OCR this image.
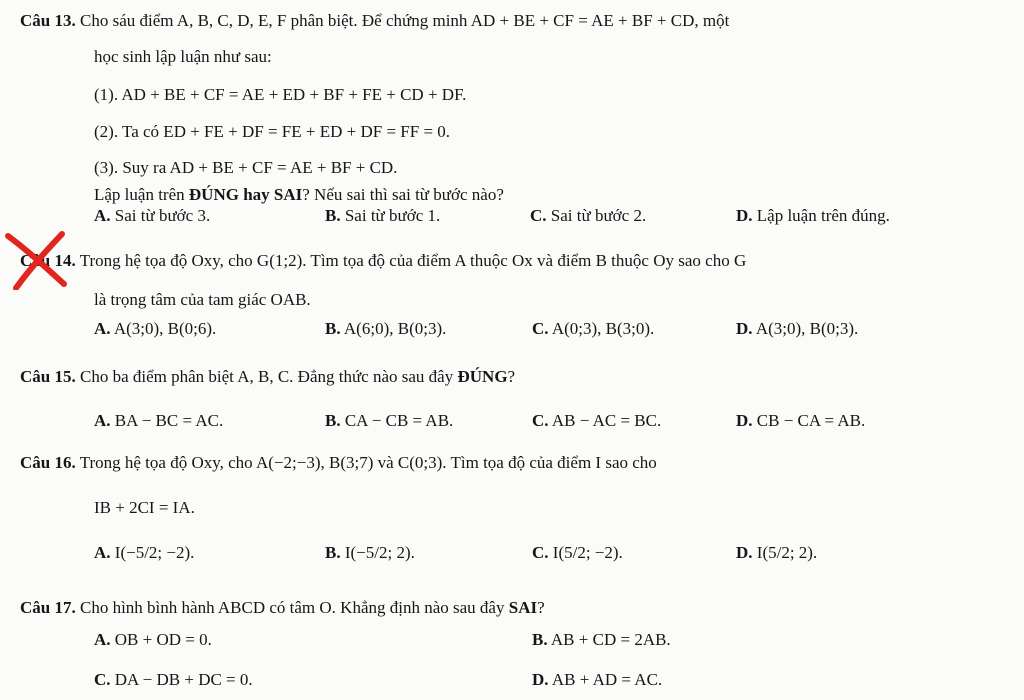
Câu 13. Cho sáu điểm A, B, C, D, E, F phân biệt. Để chứng minh AD + BE + CF = AE + BF + CD, một
học sinh lập luận như sau:
(1). AD + BE + CF = AE + ED + BF + FE + CD + DF.
(2). Ta có ED + FE + DF = FE + ED + DF = FF = 0.
(3). Suy ra AD + BE + CF = AE + BF + CD.
Lập luận trên ĐÚNG hay SAI? Nếu sai thì sai từ bước nào?
A. Sai từ bước 3.	B. Sai từ bước 1.	C. Sai từ bước 2.	D. Lập luận trên đúng.
Câu 14. Trong hệ tọa độ Oxy, cho G(1;2). Tìm tọa độ của điểm A thuộc Ox và điểm B thuộc Oy sao cho G
là trọng tâm của tam giác OAB.
A. A(3;0), B(0;6).	B. A(6;0), B(0;3).	C. A(0;3), B(3;0).	D. A(3;0), B(0;3).
Câu 15. Cho ba điểm phân biệt A, B, C. Đẳng thức nào sau đây ĐÚNG?
A. BA − BC = AC.	B. CA − CB = AB.	C. AB − AC = BC.	D. CB − CA = AB.
Câu 16. Trong hệ tọa độ Oxy, cho A(−2;−3), B(3;7) và C(0;3). Tìm tọa độ của điểm I sao cho
IB + 2CI = IA.
A. I(−5/2; −2).	B. I(−5/2; 2).	C. I(5/2; −2).	D. I(5/2; 2).
Câu 17. Cho hình bình hành ABCD có tâm O. Khẳng định nào sau đây SAI?
A. OB + OD = 0.	B. AB + CD = 2AB.
C. DA − DB + DC = 0.	D. AB + AD = AC.
